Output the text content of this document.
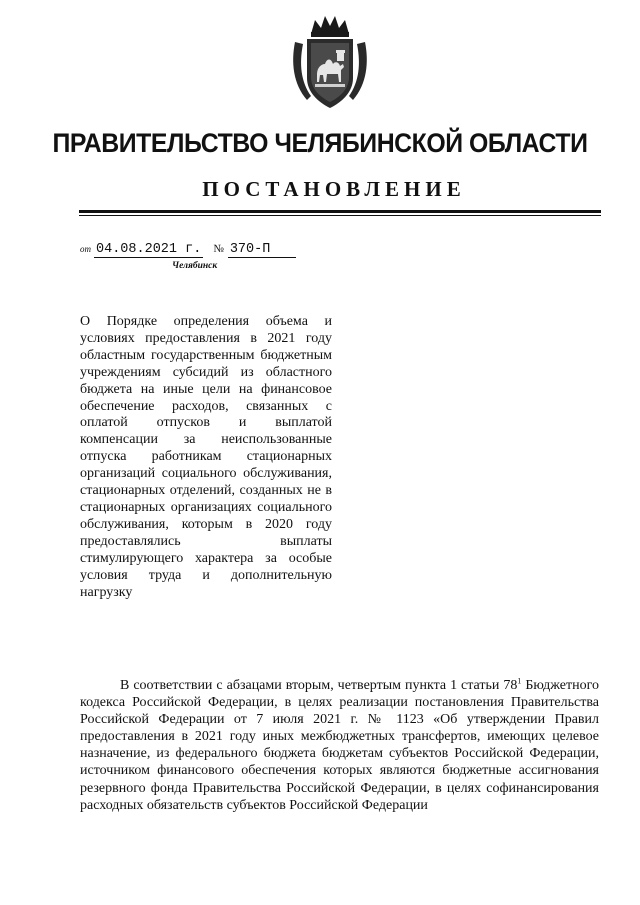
ПРАВИТЕЛЬСТВО ЧЕЛЯБИНСКОЙ ОБЛАСТИ
ПОСТАНОВЛЕНИЕ
от 04.08.2021 г. № 370-П
Челябинск
О Порядке определения объема и условиях предоставления в 2021 году областным государственным бюджетным учреждениям субсидий из областного бюджета на иные цели на финансовое обеспечение расходов, связанных с оплатой отпусков и выплатой компенсации за неиспользованные отпуска работникам стационарных организаций социального обслуживания, стационарных отделений, созданных не в стационарных организациях социального обслуживания, которым в 2020 году предоставлялись выплаты стимулирующего характера за особые условия труда и дополнительную нагрузку
В соответствии с абзацами вторым, четвертым пункта 1 статьи $78^1$ Бюджетного кодекса Российской Федерации, в целях реализации постановления Правительства Российской Федерации от 7 июля 2021 г. № 1123 «Об утверждении Правил предоставления в 2021 году иных межбюджетных трансфертов, имеющих целевое назначение, из федерального бюджета бюджетам субъектов Российской Федерации, источником финансового обеспечения которых являются бюджетные ассигнования резервного фонда Правительства Российской Федерации, в целях софинансирования расходных обязательств субъектов Российской Федерации
